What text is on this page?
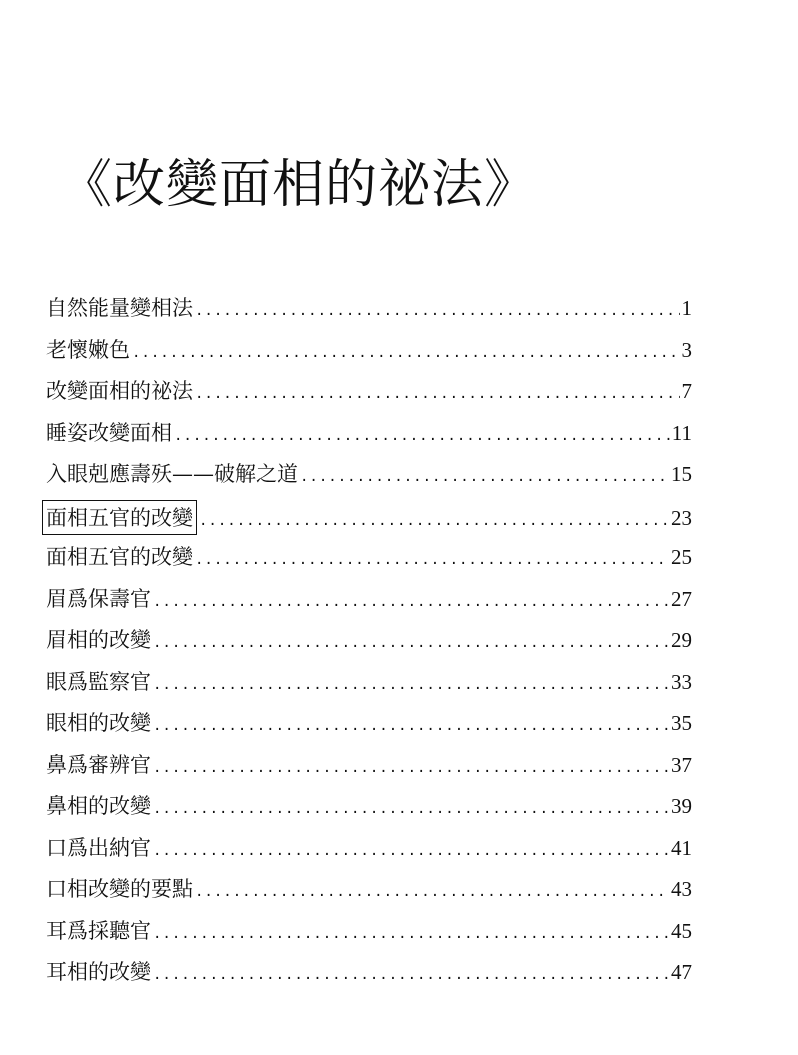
《改變面相的祕法》
自然能量變相法 .....	1
老懷嫩色 .....	3
改變面相的祕法 .....	7
睡姿改變面相 .....	11
入眼剋應壽殀——破解之道 .....	15
面相五官的改變 .....	23
面相五官的改變 .....	25
眉爲保壽官 .....	27
眉相的改變 .....	29
眼爲監察官 .....	33
眼相的改變 .....	35
鼻爲審辨官 .....	37
鼻相的改變 .....	39
口爲出納官 .....	41
口相改變的要點 .....	43
耳爲採聽官 .....	45
耳相的改變 .....	47
